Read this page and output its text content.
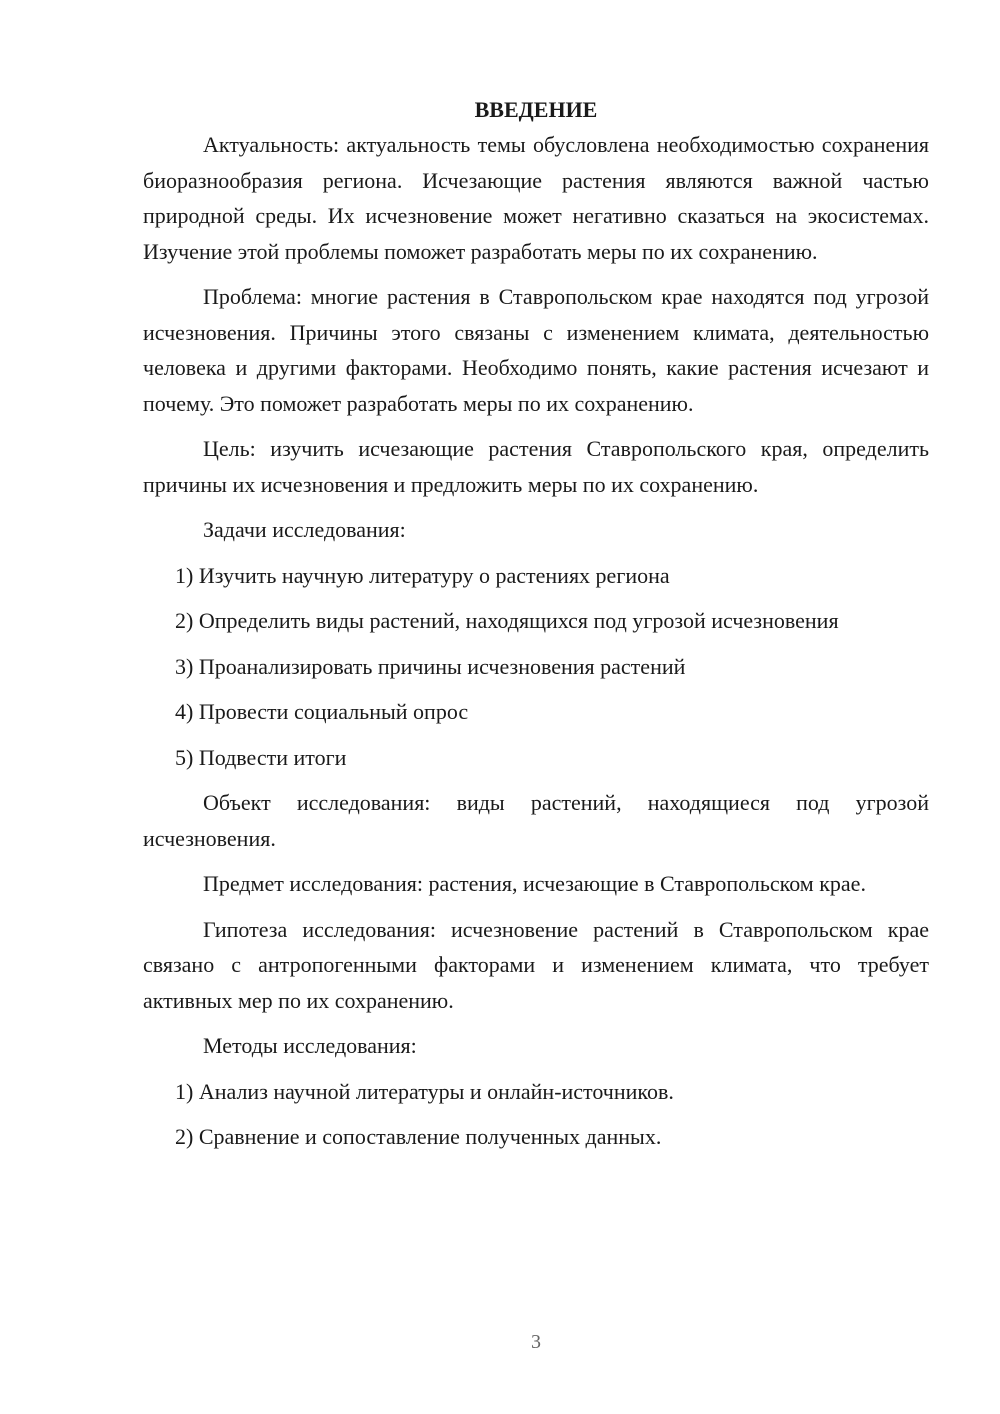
ВВЕДЕНИЕ

Актуальность: актуальность темы обусловлена необходимостью сохранения биоразнообразия региона. Исчезающие растения являются важной частью природной среды. Их исчезновение может негативно сказаться на экосистемах. Изучение этой проблемы поможет разработать меры по их сохранению.

Проблема: многие растения в Ставропольском крае находятся под угрозой исчезновения. Причины этого связаны с изменением климата, деятельностью человека и другими факторами. Необходимо понять, какие растения исчезают и почему. Это поможет разработать меры по их сохранению.

Цель: изучить исчезающие растения Ставропольского края, определить причины их исчезновения и предложить меры по их сохранению.

Задачи исследования:

1) Изучить научную литературу о растениях региона

2) Определить виды растений, находящихся под угрозой исчезновения

3) Проанализировать причины исчезновения растений

4) Провести социальный опрос

5) Подвести итоги

Объект исследования: виды растений, находящиеся под угрозой исчезновения.

Предмет исследования: растения, исчезающие в Ставропольском крае.

Гипотеза исследования: исчезновение растений в Ставропольском крае связано с антропогенными факторами и изменением климата, что требует активных мер по их сохранению.

Методы исследования:

1) Анализ научной литературы и онлайн-источников.

2) Сравнение и сопоставление полученных данных.

3
